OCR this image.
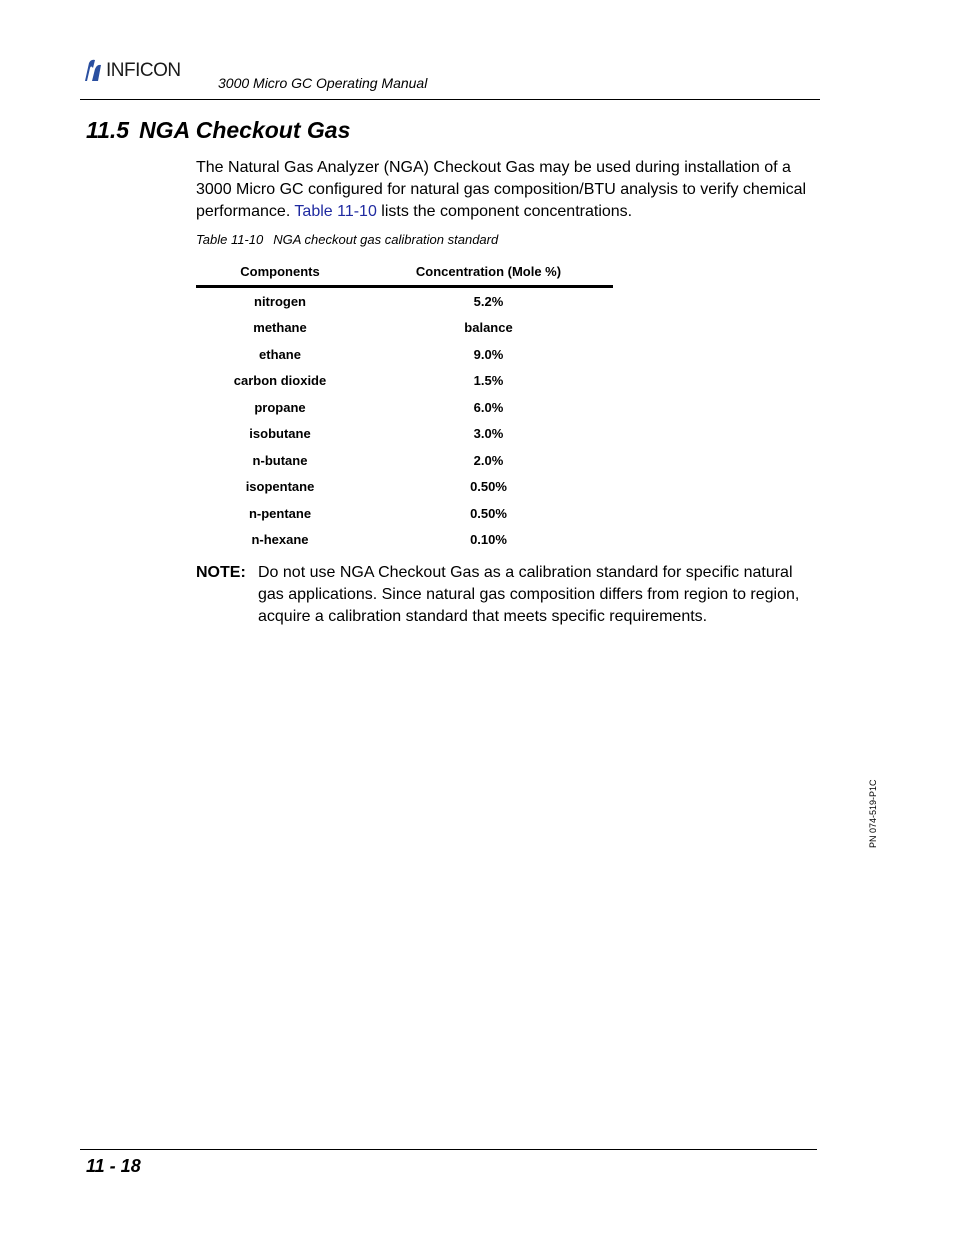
INFICON
3000 Micro GC Operating Manual
11.5 NGA Checkout Gas

The Natural Gas Analyzer (NGA) Checkout Gas may be used during installation of a 3000 Micro GC configured for natural gas composition/BTU analysis to verify chemical performance. Table 11-10 lists the component concentrations.

Table 11-10 NGA checkout gas calibration standard
Components	Concentration (Mole %)
nitrogen	5.2%
methane	balance
ethane	9.0%
carbon dioxide	1.5%
propane	6.0%
isobutane	3.0%
n-butane	2.0%
isopentane	0.50%
n-pentane	0.50%
n-hexane	0.10%
NOTE: Do not use NGA Checkout Gas as a calibration standard for specific natural gas applications. Since natural gas composition differs from region to region, acquire a calibration standard that meets specific requirements.
PN 074-519-P1C
11 - 18
